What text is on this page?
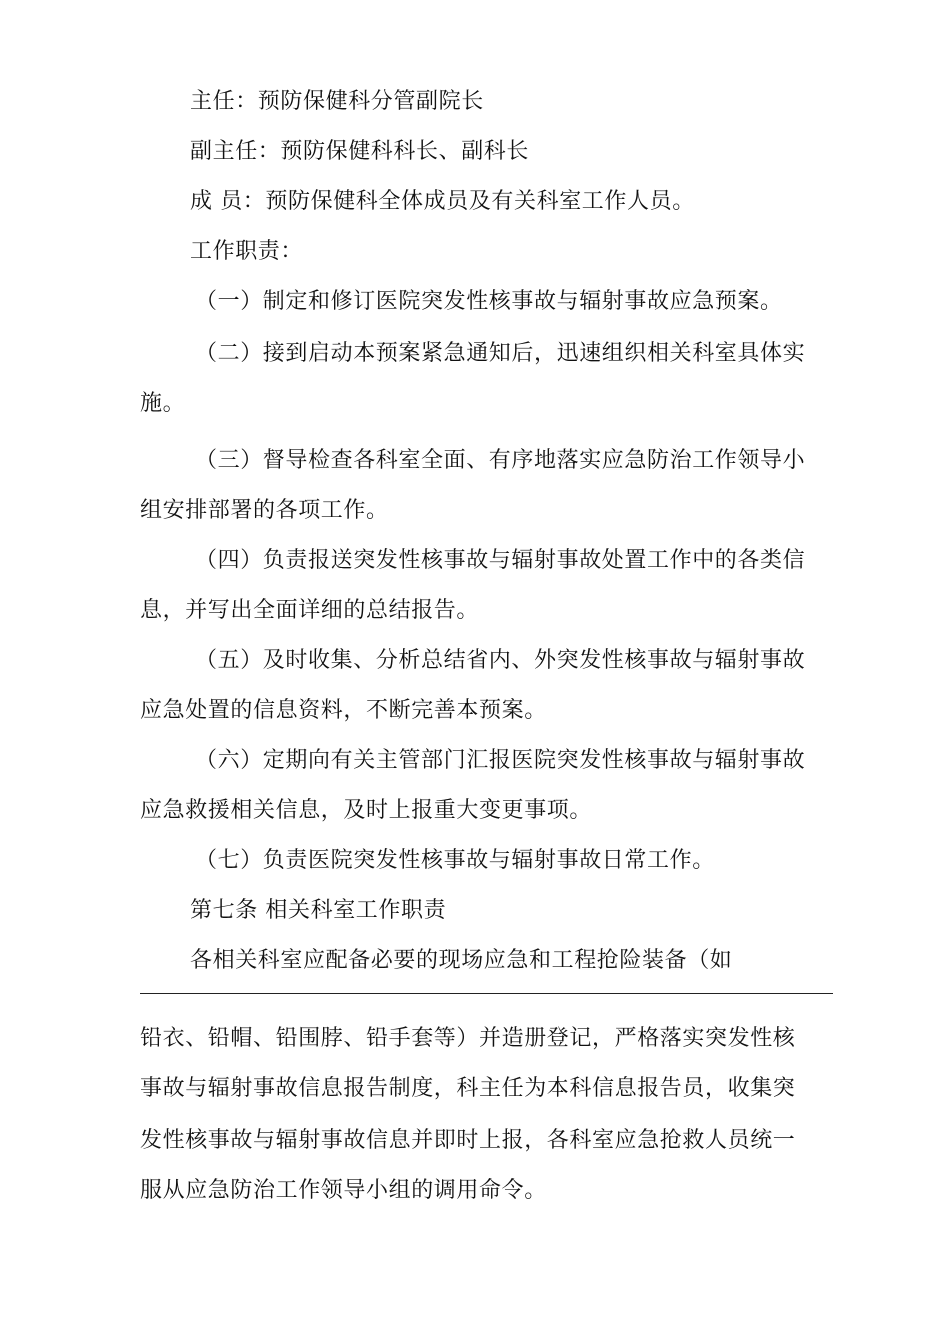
主任：预防保健科分管副院长
副主任：预防保健科科长、副科长
成 员：预防保健科全体成员及有关科室工作人员。
工作职责：
（一）制定和修订医院突发性核事故与辐射事故应急预案。
（二）接到启动本预案紧急通知后，迅速组织相关科室具体实
施。
（三）督导检查各科室全面、有序地落实应急防治工作领导小
组安排部署的各项工作。
（四）负责报送突发性核事故与辐射事故处置工作中的各类信
息，并写出全面详细的总结报告。
（五）及时收集、分析总结省内、外突发性核事故与辐射事故
应急处置的信息资料，不断完善本预案。
（六）定期向有关主管部门汇报医院突发性核事故与辐射事故
应急救援相关信息，及时上报重大变更事项。
（七）负责医院突发性核事故与辐射事故日常工作。
第七条 相关科室工作职责
各相关科室应配备必要的现场应急和工程抢险装备（如
铅衣、铅帽、铅围脖、铅手套等）并造册登记，严格落实突发性核
事故与辐射事故信息报告制度，科主任为本科信息报告员，收集突
发性核事故与辐射事故信息并即时上报，各科室应急抢救人员统一
服从应急防治工作领导小组的调用命令。
